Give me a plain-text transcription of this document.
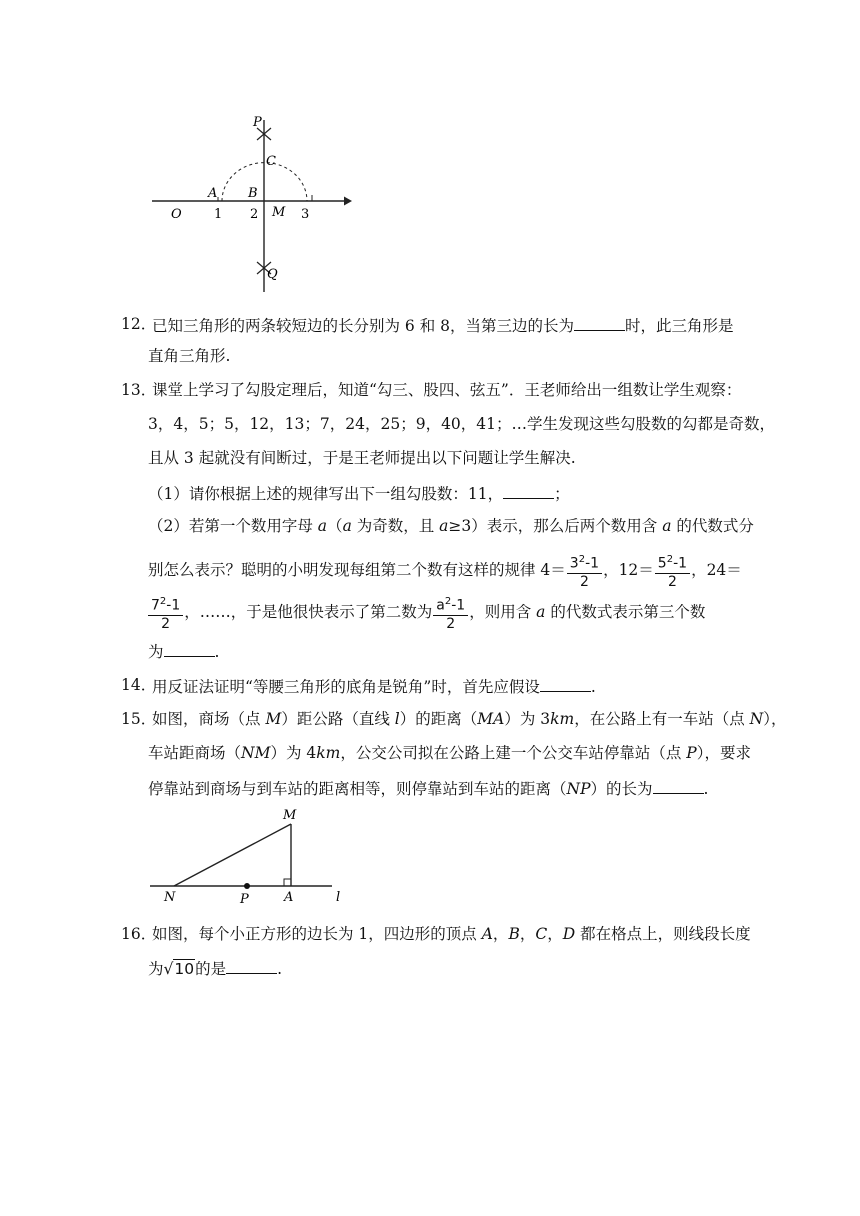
P
C
A B
O 1 2 M 3
Q
12．
已知三角形的两条较短边的长分别为 6 和 8，当第三边的长为	时，此三角形是
直角三角形.
13．
课堂上学习了勾股定理后，知道“勾三、股四、弦五”．王老师给出一组数让学生观察：
3，4，5；5，12，13；7，24，25；9，40，41；…学生发现这些勾股数的勾都是奇数，
且从 3 起就没有间断过，于是王老师提出以下问题让学生解决.
（1）请你根据上述的规律写出下一组勾股数：11，	；
（2）若第一个数用字母 a（a 为奇数，且 a≥3）表示，那么后两个数用含 a 的代数式分
别怎么表示？聪明的小明发现每组第二个数有这样的规律 $4= \frac{3^2-1}{2}$ ，$12= \frac{5^2-1}{2}$ ，24＝
$\frac{7^2-1}{2}$ ，……，于是他很快表示了第二数为 $\frac{a^2-1}{2}$ ，则用含 a 的代数式表示第三个数
为	.
14．
用反证法证明“等腰三角形的底角是锐角”时，首先应假设	.
15．
如图，商场（点 M）距公路（直线 l）的距离（MA）为 3km，在公路上有一车站（点 N），
车站距商场（NM）为 4km，公交公司拟在公路上建一个公交车站停靠站（点 P），要求
停靠站到商场与到车站的距离相等，则停靠站到车站的距离（NP）的长为	.
M
N	P	A	l
16．
如图，每个小正方形的边长为 1，四边形的顶点 A，B，C，D 都在格点上，则线段长度
为√10的是	.
